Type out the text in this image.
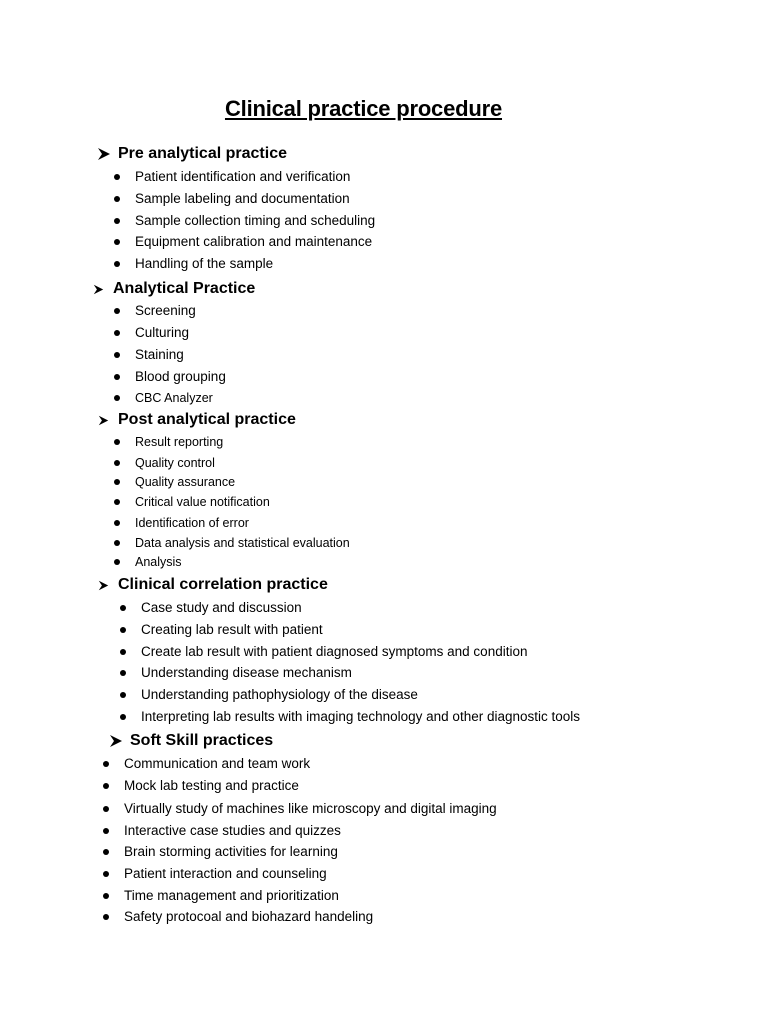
Clinical practice procedure
Pre analytical practice
Patient identification and verification
Sample labeling and documentation
Sample collection timing and scheduling
Equipment calibration and maintenance
Handling of the sample
Analytical Practice
Screening
Culturing
Staining
Blood grouping
CBC Analyzer
Post analytical practice
Result reporting
Quality control
Quality assurance
Critical value notification
Identification of error
Data analysis and statistical evaluation
Analysis
Clinical correlation practice
Case study and discussion
Creating lab result with patient
Create lab result with patient diagnosed symptoms and condition
Understanding disease mechanism
Understanding pathophysiology of the disease
Interpreting lab results with imaging technology and other diagnostic tools
Soft Skill practices
Communication and team work
Mock lab testing and practice
Virtually study of machines like microscopy and digital imaging
Interactive case studies and quizzes
Brain storming activities for learning
Patient interaction and counseling
Time management and prioritization
Safety protocoal and biohazard handeling
